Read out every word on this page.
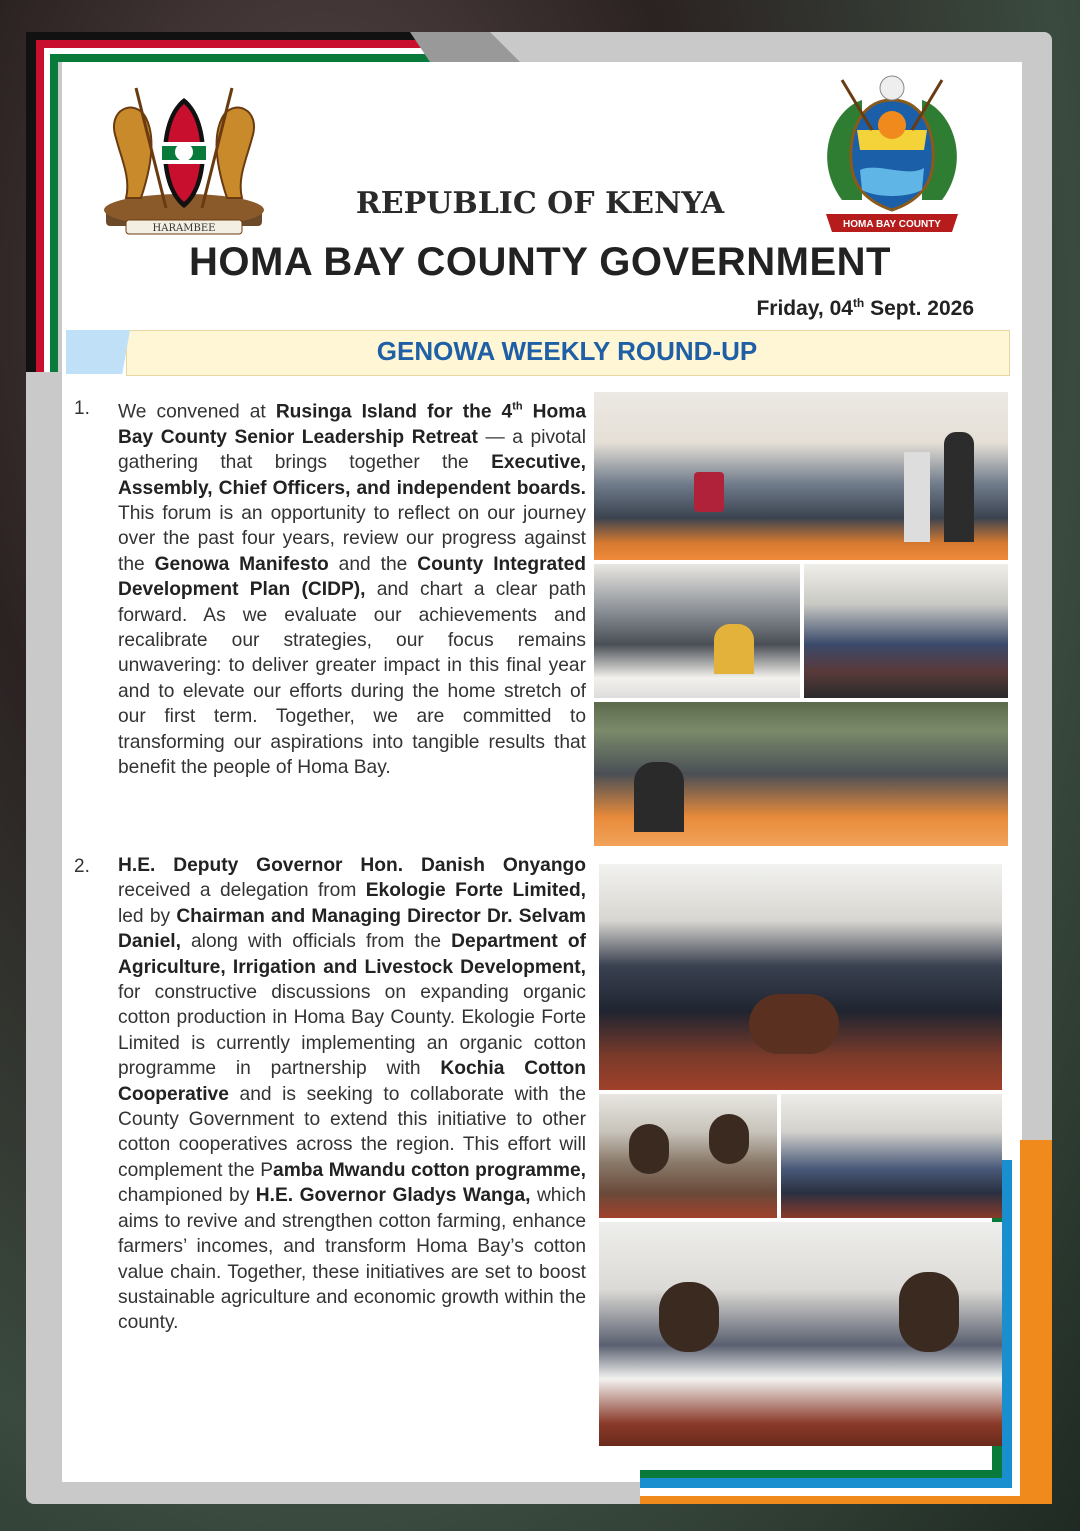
HARAMBEE	HOMA BAY COUNTY
REPUBLIC OF KENYA
HOMA BAY COUNTY GOVERNMENT
Friday, 04th Sept. 2026
GENOWA WEEKLY ROUND-UP
1. We convened at Rusinga Island for the 4th Homa Bay County Senior Leadership Retreat — a pivotal gathering that brings together the Executive, Assembly, Chief Officers, and independent boards. This forum is an opportunity to reflect on our journey over the past four years, review our progress against the Genowa Manifesto and the County Integrated Development Plan (CIDP), and chart a clear path forward. As we evaluate our achievements and recalibrate our strategies, our focus remains unwavering: to deliver greater impact in this final year and to elevate our efforts during the home stretch of our first term. Together, we are committed to transforming our aspirations into tangible results that benefit the people of Homa Bay.
2. H.E. Deputy Governor Hon. Danish Onyango received a delegation from Ekologie Forte Limited, led by Chairman and Managing Director Dr. Selvam Daniel, along with officials from the Department of Agriculture, Irrigation and Livestock Development, for constructive discussions on expanding organic cotton production in Homa Bay County. Ekologie Forte Limited is currently implementing an organic cotton programme in partnership with Kochia Cotton Cooperative and is seeking to collaborate with the County Government to extend this initiative to other cotton cooperatives across the region. This effort will complement the Pamba Mwandu cotton programme, championed by H.E. Governor Gladys Wanga, which aims to revive and strengthen cotton farming, enhance farmers’ incomes, and transform Homa Bay’s cotton value chain. Together, these initiatives are set to boost sustainable agriculture and economic growth within the county.
